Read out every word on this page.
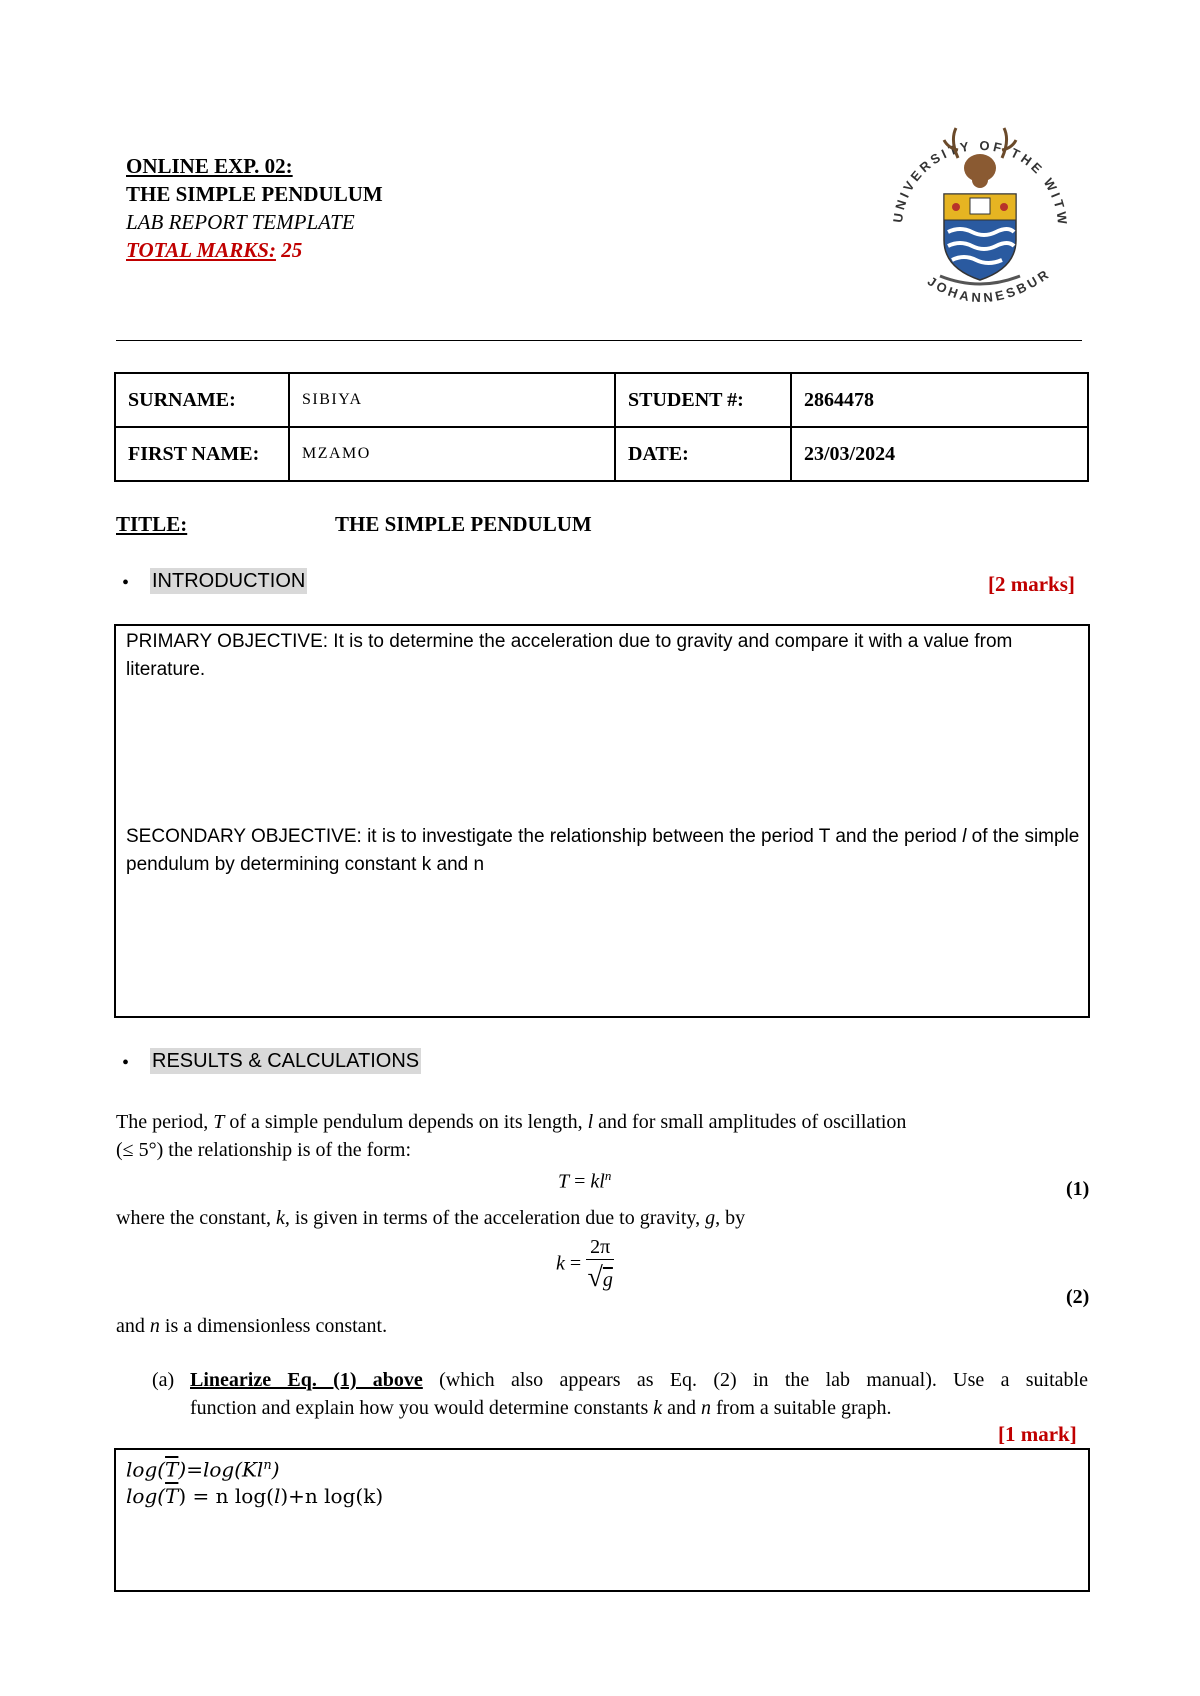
ONLINE EXP. 02:
THE SIMPLE PENDULUM
LAB REPORT TEMPLATE
TOTAL MARKS: 25
UNIVERSITY OF THE WITW
JOHANNESBUR
SURNAME:	SIBIYA	STUDENT #:	2864478
FIRST NAME:	MZAMO	DATE:	23/03/2024
TITLE:	THE SIMPLE PENDULUM
• INTRODUCTION	[2 marks]
PRIMARY OBJECTIVE: It is to determine the acceleration due to gravity and compare it with a value from literature.
SECONDARY OBJECTIVE: it is to investigate the relationship between the period T and the period l of the simple pendulum by determining constant k and n
• RESULTS & CALCULATIONS
The period, T of a simple pendulum depends on its length, l and for small amplitudes of oscillation
(≤ 5°) the relationship is of the form:
$T = kl^n$
(1)
where the constant, k, is given in terms of the acceleration due to gravity, g, by
$k = \frac{2\pi}{√g}$
(2)
and n is a dimensionless constant.
(a) Linearize Eq. (1) above (which also appears as Eq. (2) in the lab manual). Use a suitable
function and explain how you would determine constants k and n from a suitable graph.
[1 mark]
$\log(\overline{T})=\log(Kl^n)$
$\log(\overline{T}) = n$ log(l)+n log(k)
